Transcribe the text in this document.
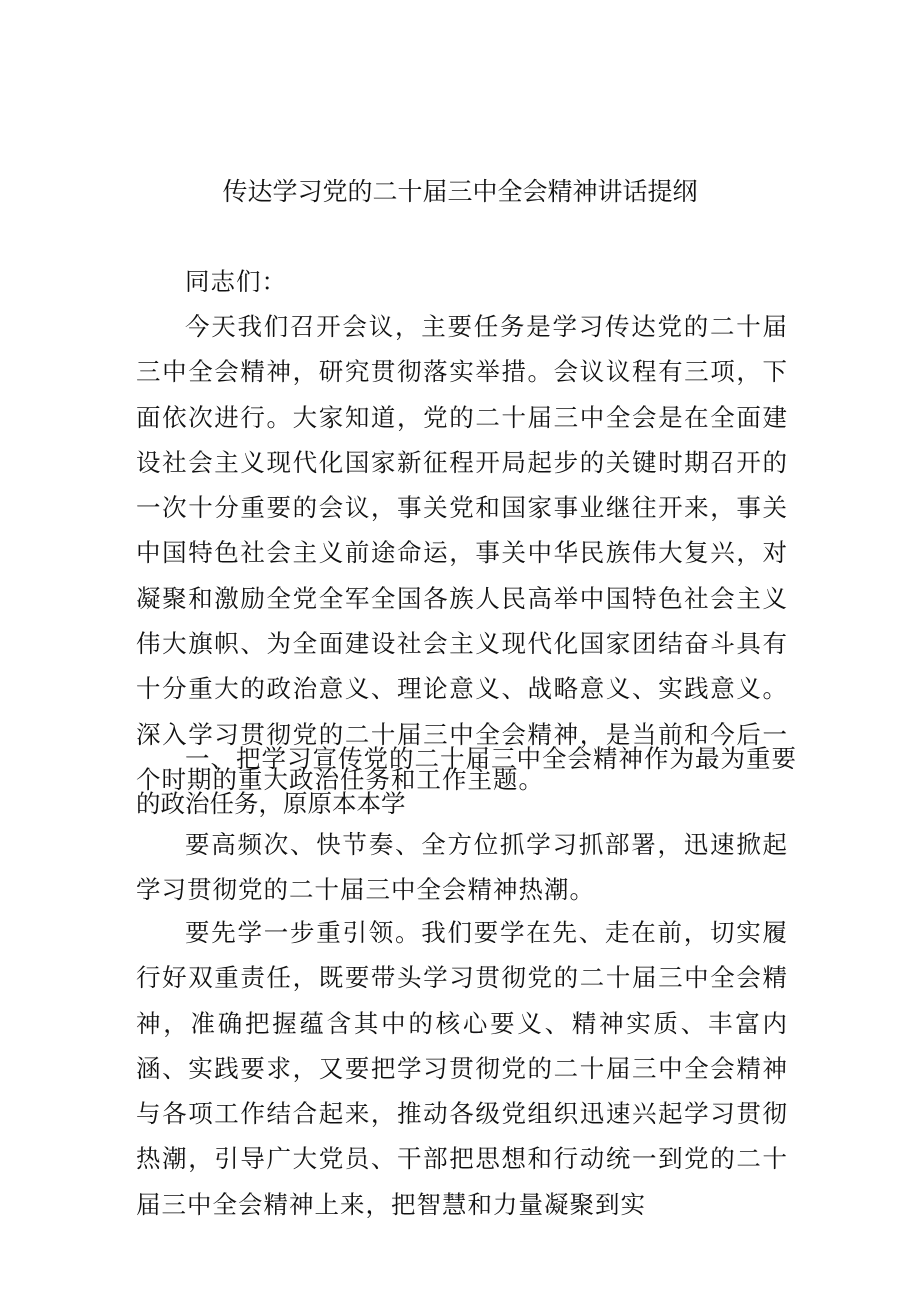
传达学习党的二十届三中全会精神讲话提纲

同志们：

今天我们召开会议，主要任务是学习传达党的二十届三中全会精神，研究贯彻落实举措。会议议程有三项，下面依次进行。大家知道，党的二十届三中全会是在全面建设社会主义现代化国家新征程开局起步的关键时期召开的一次十分重要的会议，事关党和国家事业继往开来，事关中国特色社会主义前途命运，事关中华民族伟大复兴，对凝聚和激励全党全军全国各族人民高举中国特色社会主义伟大旗帜、为全面建设社会主义现代化国家团结奋斗具有十分重大的政治意义、理论意义、战略意义、实践意义。深入学习贯彻党的二十届三中全会精神，是当前和今后一个时期的重大政治任务和工作主题。

一、把学习宣传党的二十届三中全会精神作为最为重要的政治任务，原原本本学

要高频次、快节奏、全方位抓学习抓部署，迅速掀起学习贯彻党的二十届三中全会精神热潮。

要先学一步重引领。我们要学在先、走在前，切实履行好双重责任，既要带头学习贯彻党的二十届三中全会精神，准确把握蕴含其中的核心要义、精神实质、丰富内涵、实践要求，又要把学习贯彻党的二十届三中全会精神与各项工作结合起来，推动各级党组织迅速兴起学习贯彻热潮，引导广大党员、干部把思想和行动统一到党的二十届三中全会精神上来，把智慧和力量凝聚到实
